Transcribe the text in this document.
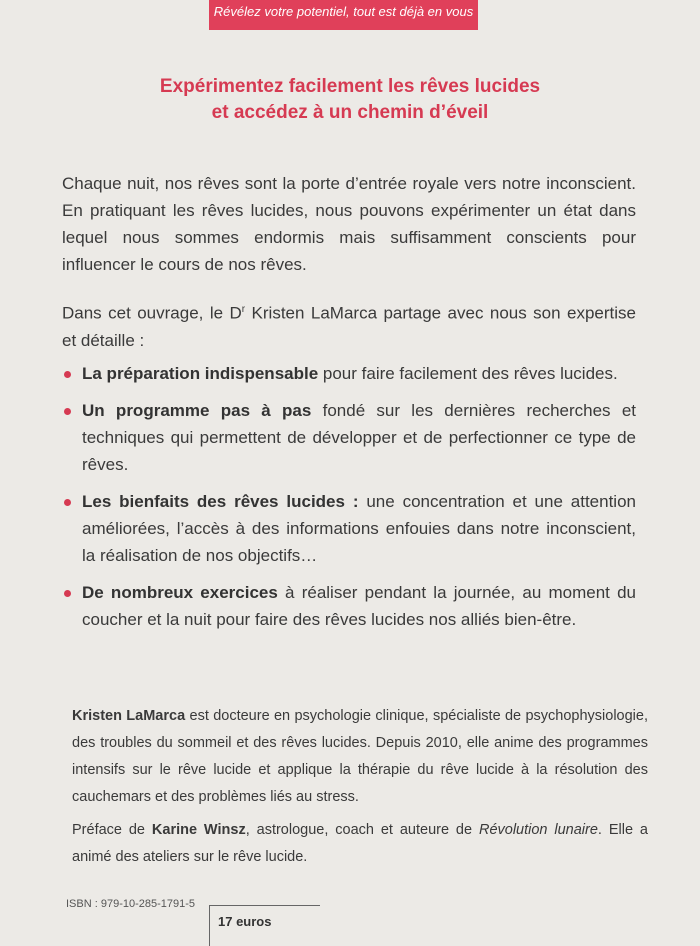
Révélez votre potentiel, tout est déjà en vous
Expérimentez facilement les rêves lucides
et accédez à un chemin d’éveil

Chaque nuit, nos rêves sont la porte d’entrée royale vers notre inconscient. En pratiquant les rêves lucides, nous pouvons expérimenter un état dans lequel nous sommes endormis mais suffisamment conscients pour influencer le cours de nos rêves.

Dans cet ouvrage, le $D^r$ Kristen LaMarca partage avec nous son expertise et détaille :

La préparation indispensable pour faire facilement des rêves lucides.
Un programme pas à pas fondé sur les dernières recherches et techniques qui permettent de développer et de perfectionner ce type de rêves.
Les bienfaits des rêves lucides : une concentration et une attention améliorées, l’accès à des informations enfouies dans notre inconscient, la réalisation de nos objectifs…
De nombreux exercices à réaliser pendant la journée, au moment du coucher et la nuit pour faire des rêves lucides nos alliés bien-être.

Kristen LaMarca est docteure en psychologie clinique, spécialiste de psychophysiologie, des troubles du sommeil et des rêves lucides. Depuis 2010, elle anime des programmes intensifs sur le rêve lucide et applique la thérapie du rêve lucide à la résolution des cauchemars et des problèmes liés au stress.

Préface de Karine Winsz, astrologue, coach et auteure de Révolution lunaire. Elle a animé des ateliers sur le rêve lucide.

ISBN : 979-10-285-1791-5
17 euros
